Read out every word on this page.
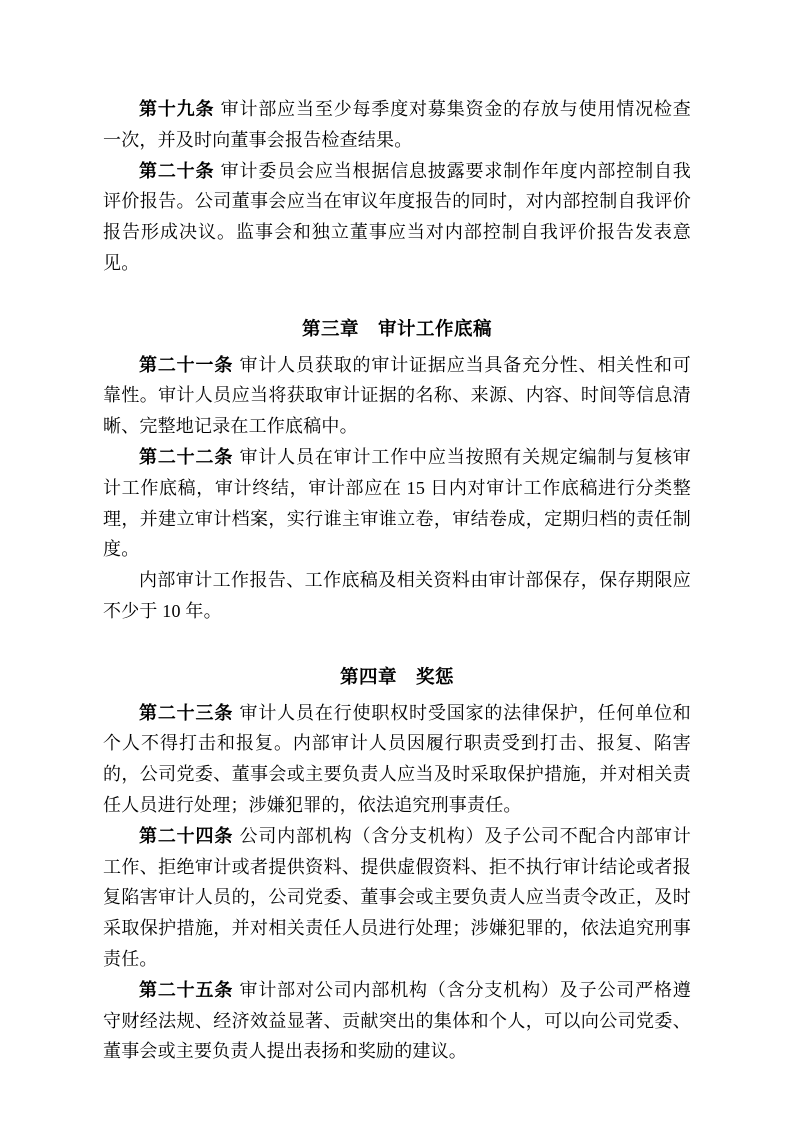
第十九条 审计部应当至少每季度对募集资金的存放与使用情况检查一次，并及时向董事会报告检查结果。

第二十条 审计委员会应当根据信息披露要求制作年度内部控制自我评价报告。公司董事会应当在审议年度报告的同时，对内部控制自我评价报告形成决议。监事会和独立董事应当对内部控制自我评价报告发表意见。

第三章　审计工作底稿

第二十一条 审计人员获取的审计证据应当具备充分性、相关性和可靠性。审计人员应当将获取审计证据的名称、来源、内容、时间等信息清晰、完整地记录在工作底稿中。

第二十二条 审计人员在审计工作中应当按照有关规定编制与复核审计工作底稿，审计终结，审计部应在 15 日内对审计工作底稿进行分类整理，并建立审计档案，实行谁主审谁立卷，审结卷成，定期归档的责任制度。

内部审计工作报告、工作底稿及相关资料由审计部保存，保存期限应不少于 10 年。

第四章　奖惩

第二十三条 审计人员在行使职权时受国家的法律保护，任何单位和个人不得打击和报复。内部审计人员因履行职责受到打击、报复、陷害的，公司党委、董事会或主要负责人应当及时采取保护措施，并对相关责任人员进行处理；涉嫌犯罪的，依法追究刑事责任。

第二十四条 公司内部机构（含分支机构）及子公司不配合内部审计工作、拒绝审计或者提供资料、提供虚假资料、拒不执行审计结论或者报复陷害审计人员的，公司党委、董事会或主要负责人应当责令改正，及时采取保护措施，并对相关责任人员进行处理；涉嫌犯罪的，依法追究刑事责任。

第二十五条 审计部对公司内部机构（含分支机构）及子公司严格遵守财经法规、经济效益显著、贡献突出的集体和个人，可以向公司党委、董事会或主要负责人提出表扬和奖励的建议。
